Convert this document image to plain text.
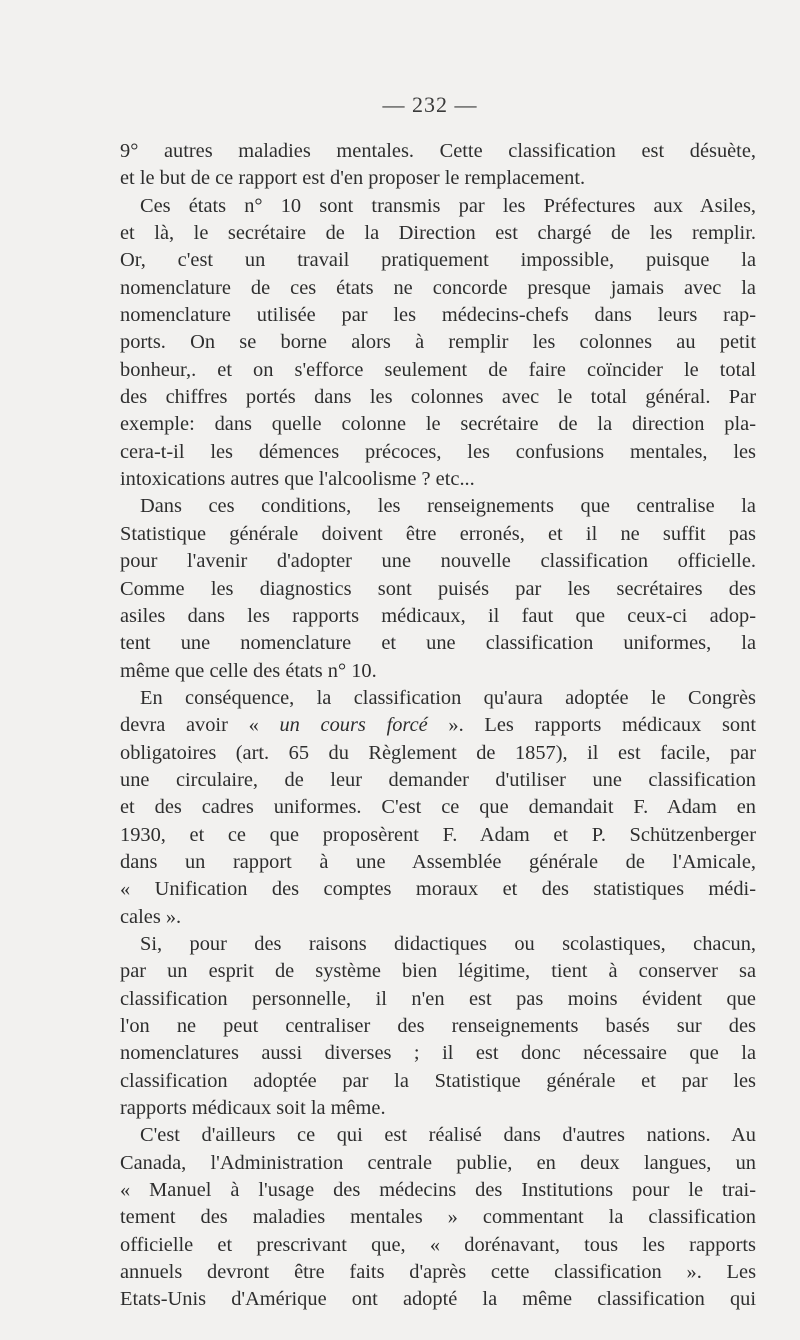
— 232 —
9° autres maladies mentales. Cette classification est désuète,
et le but de ce rapport est d'en proposer le remplacement.
Ces états n° 10 sont transmis par les Préfectures aux Asiles,
et là, le secrétaire de la Direction est chargé de les remplir.
Or, c'est un travail pratiquement impossible, puisque la
nomenclature de ces états ne concorde presque jamais avec la
nomenclature utilisée par les médecins-chefs dans leurs rap-
ports. On se borne alors à remplir les colonnes au petit
bonheur,. et on s'efforce seulement de faire coïncider le total
des chiffres portés dans les colonnes avec le total général. Par
exemple: dans quelle colonne le secrétaire de la direction pla-
cera-t-il les démences précoces, les confusions mentales, les
intoxications autres que l'alcoolisme ? etc...
Dans ces conditions, les renseignements que centralise la
Statistique générale doivent être erronés, et il ne suffit pas
pour l'avenir d'adopter une nouvelle classification officielle.
Comme les diagnostics sont puisés par les secrétaires des
asiles dans les rapports médicaux, il faut que ceux-ci adop-
tent une nomenclature et une classification uniformes, la
même que celle des états n° 10.
En conséquence, la classification qu'aura adoptée le Congrès
devra avoir « un cours forcé ». Les rapports médicaux sont
obligatoires (art. 65 du Règlement de 1857), il est facile, par
une circulaire, de leur demander d'utiliser une classification
et des cadres uniformes. C'est ce que demandait F. Adam en
1930, et ce que proposèrent F. Adam et P. Schützenberger
dans un rapport à une Assemblée générale de l'Amicale,
« Unification des comptes moraux et des statistiques médi-
cales ».
Si, pour des raisons didactiques ou scolastiques, chacun,
par un esprit de système bien légitime, tient à conserver sa
classification personnelle, il n'en est pas moins évident que
l'on ne peut centraliser des renseignements basés sur des
nomenclatures aussi diverses ; il est donc nécessaire que la
classification adoptée par la Statistique générale et par les
rapports médicaux soit la même.
C'est d'ailleurs ce qui est réalisé dans d'autres nations. Au
Canada, l'Administration centrale publie, en deux langues, un
« Manuel à l'usage des médecins des Institutions pour le trai-
tement des maladies mentales » commentant la classification
officielle et prescrivant que, « dorénavant, tous les rapports
annuels devront être faits d'après cette classification ». Les
Etats-Unis d'Amérique ont adopté la même classification qui
